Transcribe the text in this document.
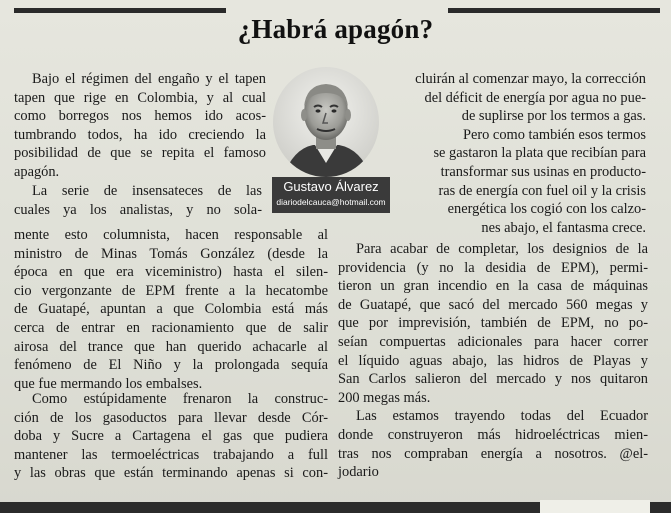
¿Habrá apagón?
Bajo el régimen del engaño y el tapen
tapen que rige en Colombia, y al cual
como borregos nos hemos ido acos-
tumbrando todos, ha ido creciendo la
posibilidad de que se repita el famoso
apagón.
La serie de insensateces de las
cuales ya los analistas, y no sola-
mente esto columnista, hacen responsable al
ministro de Minas Tomás González (desde la
época en que era viceministro) hasta el silen-
cio vergonzante de EPM frente a la hecatombe
de Guatapé, apuntan a que Colombia está más
cerca de entrar en racionamiento que de salir
airosa del trance que han querido achacarle al
fenómeno de El Niño y la prolongada sequía
que fue mermando los embalses.
Como estúpidamente frenaron la construc-
ción de los gasoductos para llevar desde Cór-
doba y Sucre a Cartagena el gas que pudiera
mantener las termoeléctricas trabajando a full
y las obras que están terminando apenas si con-
cluirán al comenzar mayo, la corrección
del déficit de energía por agua no pue-
de suplirse por los termos a gas.
Pero como también esos termos
se gastaron la plata que recibían para
transformar sus usinas en producto-
ras de energía con fuel oil y la crisis
energética los cogió con los calzo-
nes abajo, el fantasma crece.
Para acabar de completar, los designios de la
providencia (y no la desidia de EPM), permi-
tieron un gran incendio en la casa de máquinas
de Guatapé, que sacó del mercado 560 megas y
que por imprevisión, también de EPM, no po-
seían compuertas adicionales para hacer correr
el líquido aguas abajo, las hidros de Playas y
San Carlos salieron del mercado y nos quitaron
200 megas más.
Las estamos trayendo todas del Ecuador
donde construyeron más hidroeléctricas mien-
tras nos compraban energía a nosotros. @el-
jodario
Gustavo Álvarez
diariodelcauca@hotmail.com
